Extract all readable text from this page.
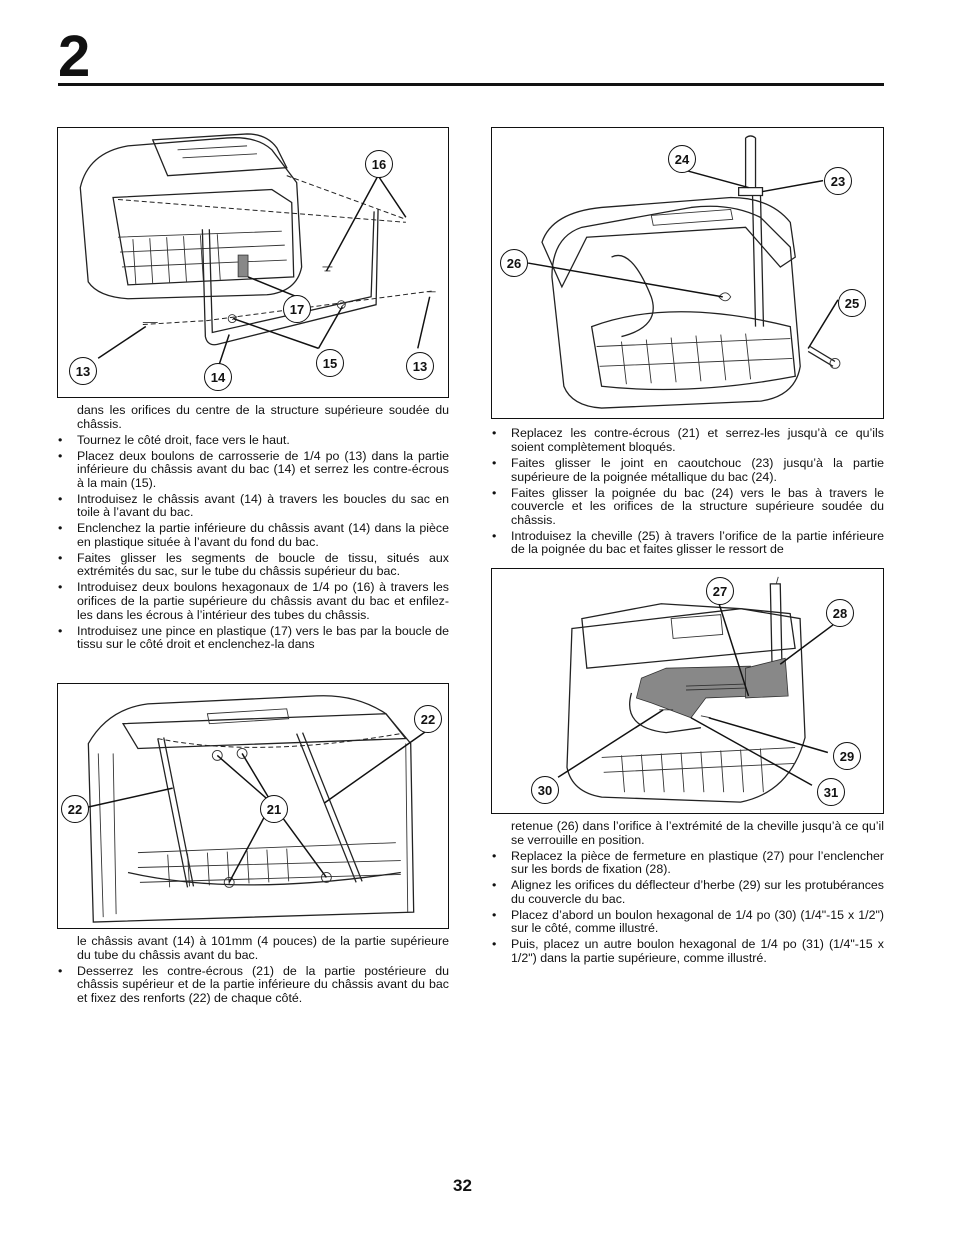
2
16
17
13	14
15	13

dans les orifices du centre de la structure supérieure soudée du châssis.

• Tournez le côté droit, face vers le haut.
• Placez deux boulons de carrosserie de 1/4 po (13) dans la partie inférieure du châssis avant du bac (14) et serrez les contre-écrous à la main (15).
• Introduisez le châssis avant (14) à travers les boucles du sac en toile à l’avant du bac.
• Enclenchez la partie inférieure du châssis avant (14) dans la pièce en plastique située à l’avant du fond du bac.
• Faites glisser les segments de boucle de tissu, situés aux extrémités du sac, sur le tube du châssis supérieur du bac.
• Introduisez deux boulons hexagonaux de 1/4 po (16) à travers les orifices de la partie supérieure du châssis avant du bac et enfilez-les dans les écrous à l’intérieur des tubes du châssis.
• Introduisez une pince en plastique (17) vers le bas par la boucle de tissu sur le côté droit et enclenchez-la dans
22
22	21

le châssis avant (14) à 101mm (4 pouces) de la partie supérieure du tube du châssis avant du bac.

• Desserrez les contre-écrous (21) de la partie postérieure du châssis supérieur et de la partie inférieure du châssis avant du bac et fixez des renforts (22) de chaque côté.
24
23
26
25
• Replacez les contre-écrous (21) et serrez-les jusqu’à ce qu’ils soient complètement bloqués.
• Faites glisser le joint en caoutchouc (23) jusqu’à la partie supérieure de la poignée métallique du bac (24).
• Faites glisser la poignée du bac (24) vers le bas à travers le couvercle et les orifices de la structure supérieure soudée du châssis.
• Introduisez la cheville (25) à travers l’orifice de la partie inférieure de la poignée du bac et faites glisser le ressort de
27
28
29
30	31

retenue (26) dans l’orifice à l’extrémité de la cheville jusqu’à ce qu’il se verrouille en position.

• Replacez la pièce de fermeture en plastique (27) pour l’enclencher sur les bords de fixation (28).
• Alignez les orifices du déflecteur d’herbe (29) sur les protubérances du couvercle du bac.
• Placez d’abord un boulon hexagonal de 1/4 po (30) (1/4"-15 x 1/2") sur le côté, comme illustré.
• Puis, placez un autre boulon hexagonal de 1/4 po (31) (1/4"-15 x 1/2") dans la partie supérieure, comme illustré.
32
